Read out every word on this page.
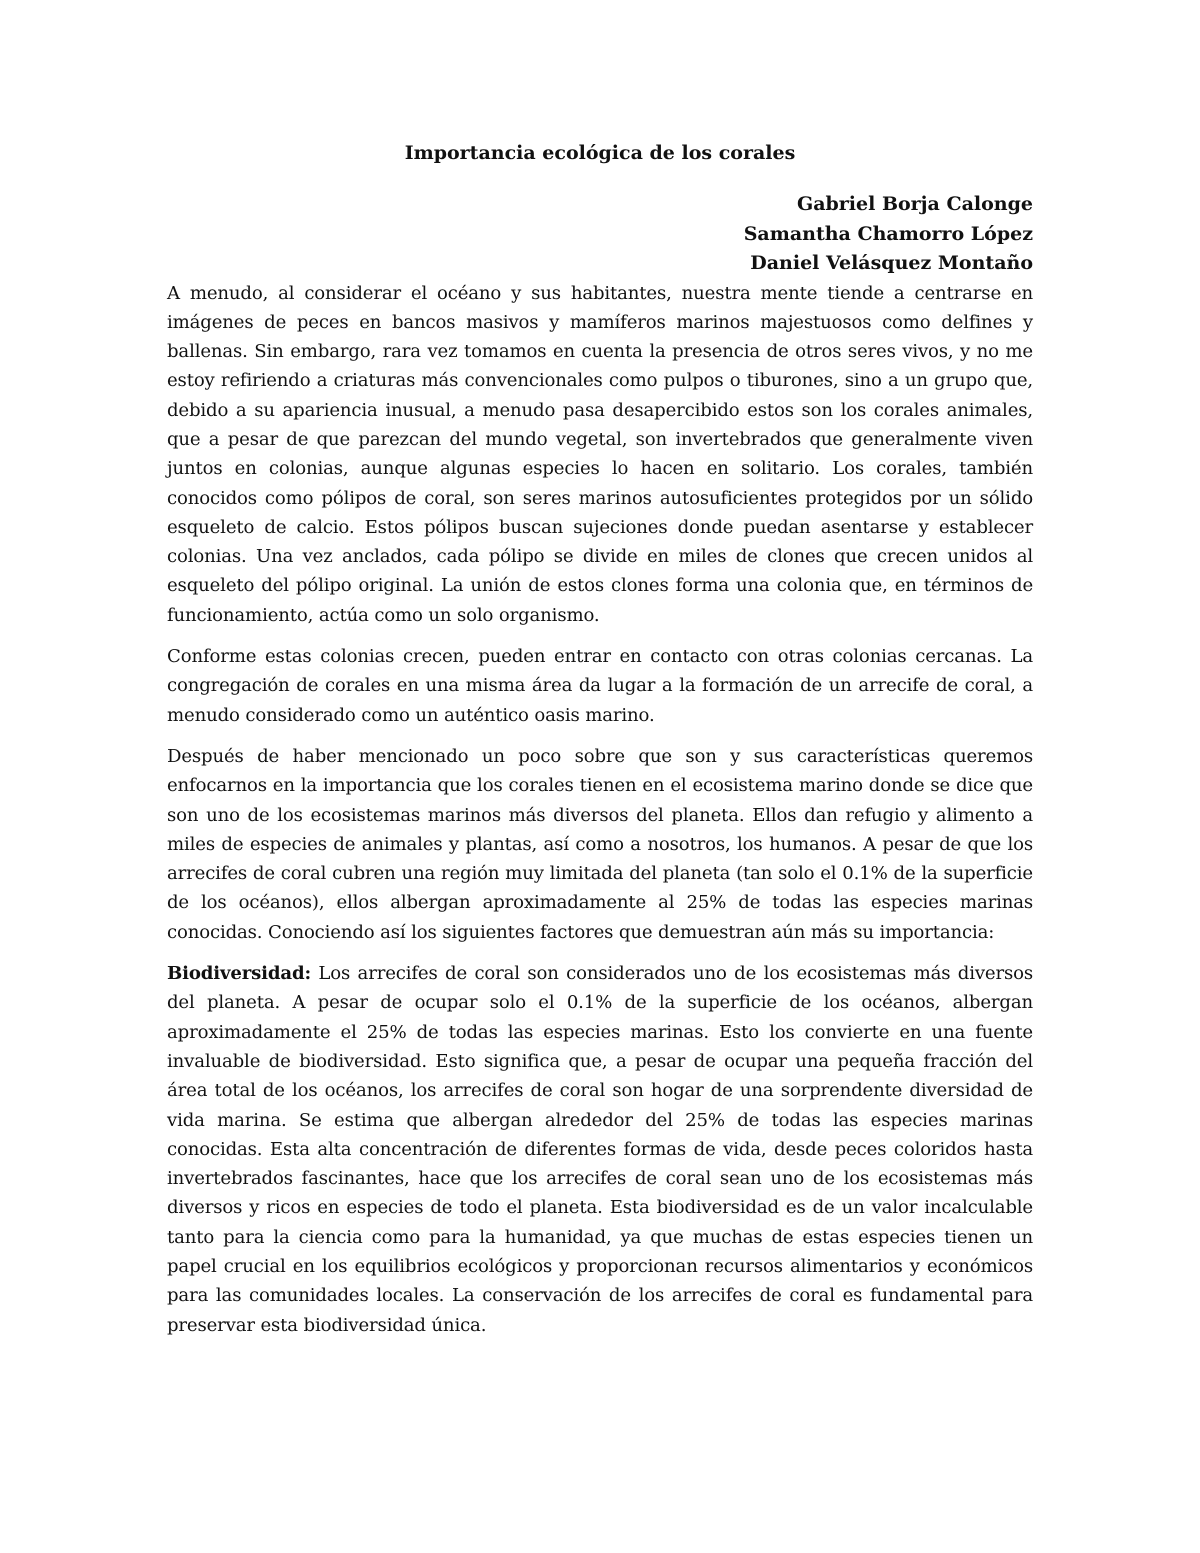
Importancia ecológica de los corales
Gabriel Borja Calonge
Samantha Chamorro López
Daniel Velásquez Montaño

A menudo, al considerar el océano y sus habitantes, nuestra mente tiende a centrarse en imágenes de peces en bancos masivos y mamíferos marinos majestuosos como delfines y ballenas. Sin embargo, rara vez tomamos en cuenta la presencia de otros seres vivos, y no me estoy refiriendo a criaturas más convencionales como pulpos o tiburones, sino a un grupo que, debido a su apariencia inusual, a menudo pasa desapercibido estos son los corales animales, que a pesar de que parezcan del mundo vegetal, son invertebrados que generalmente viven juntos en colonias, aunque algunas especies lo hacen en solitario. Los corales, también conocidos como pólipos de coral, son seres marinos autosuficientes protegidos por un sólido esqueleto de calcio. Estos pólipos buscan sujeciones donde puedan asentarse y establecer colonias. Una vez anclados, cada pólipo se divide en miles de clones que crecen unidos al esqueleto del pólipo original. La unión de estos clones forma una colonia que, en términos de funcionamiento, actúa como un solo organismo.

Conforme estas colonias crecen, pueden entrar en contacto con otras colonias cercanas. La congregación de corales en una misma área da lugar a la formación de un arrecife de coral, a menudo considerado como un auténtico oasis marino.

Después de haber mencionado un poco sobre que son y sus características queremos enfocarnos en la importancia que los corales tienen en el ecosistema marino donde se dice que son uno de los ecosistemas marinos más diversos del planeta. Ellos dan refugio y alimento a miles de especies de animales y plantas, así como a nosotros, los humanos. A pesar de que los arrecifes de coral cubren una región muy limitada del planeta (tan solo el 0.1% de la superficie de los océanos), ellos albergan aproximadamente al 25% de todas las especies marinas conocidas. Conociendo así los siguientes factores que demuestran aún más su importancia:

Biodiversidad: Los arrecifes de coral son considerados uno de los ecosistemas más diversos del planeta. A pesar de ocupar solo el 0.1% de la superficie de los océanos, albergan aproximadamente el 25% de todas las especies marinas. Esto los convierte en una fuente invaluable de biodiversidad. Esto significa que, a pesar de ocupar una pequeña fracción del área total de los océanos, los arrecifes de coral son hogar de una sorprendente diversidad de vida marina. Se estima que albergan alrededor del 25% de todas las especies marinas conocidas. Esta alta concentración de diferentes formas de vida, desde peces coloridos hasta invertebrados fascinantes, hace que los arrecifes de coral sean uno de los ecosistemas más diversos y ricos en especies de todo el planeta. Esta biodiversidad es de un valor incalculable tanto para la ciencia como para la humanidad, ya que muchas de estas especies tienen un papel crucial en los equilibrios ecológicos y proporcionan recursos alimentarios y económicos para las comunidades locales. La conservación de los arrecifes de coral es fundamental para preservar esta biodiversidad única.
